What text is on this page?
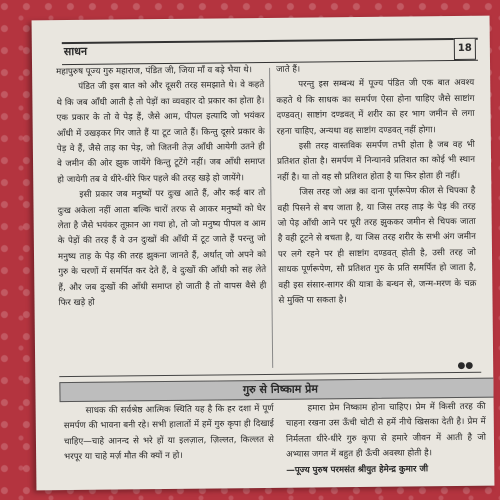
साधन	18

महापुरुष पूज्य गुरु महाराज, पंडित जी, जिया माँ व बड़े भैया थे।

पंडित जी इस बात को और दूसरी तरह समझाते थे। वे कहते थे कि जब आँधी आती है तो पेड़ों का व्यवहार दो प्रकार का होता है। एक प्रकार के तो वे पेड़ हैं, जैसे आम, पीपल इत्यादि जो भयंकर आँधी में उखड़कर गिर जाते हैं या टूट जाते हैं। किन्तु दूसरे प्रकार के पेड़ वे हैं, जैसे ताड़ का पेड़, जो जितनी तेज़ आँधी आयेगी उतने ही वे जमीन की ओर झुक जायेंगे किन्तु टूटेंगे नहीं। जब आँधी समाप्त हो जायेगी तब वे धीरे-धीरे फिर पहले की तरह खड़े हो जायेंगे।

इसी प्रकार जब मनुष्यों पर दुःख आते हैं, और कई बार तो दुःख अकेला नहीं आता बल्कि चारों तरफ से आकर मनुष्यों को घेर लेता है जैसे भयंकर तूफ़ान आ गया हो, तो जो मनुष्य पीपल व आम के पेड़ों की तरह हैं वे उन दुःखों की आँधी में टूट जाते हैं परन्तु जो मनुष्य ताड़ के पेड़ की तरह झुकना जानते हैं, अर्थात् जो अपने को गुरु के चरणों में समर्पित कर देते हैं, वे दुःखों की आँधी को सह लेते हैं, और जब दुःखों की आँधी समाप्त हो जाती है तो वापस वैसे ही फिर खड़े हो

जाते हैं।

परन्तु इस सम्बन्ध में पूज्य पंडित जी एक बात अवश्य कहते थे कि साधक का समर्पण ऐसा होना चाहिए जैसे साष्टांग दण्डवत्। साष्टांग दण्डवत् में शरीर का हर भाग जमीन से लगा रहना चाहिए, अन्यथा वह साष्टांग दण्डवत् नहीं होगा।

इसी तरह वास्तविक समर्पण तभी होता है जब वह भी प्रतिशत होता है। समर्पण में निन्यानवे प्रतिशत का कोई भी स्थान नहीं है। या तो वह सौ प्रतिशत होता है या फिर होता ही नहीं।

जिस तरह जो अन्न का दाना पूर्णरूपेण कील से चिपका है वही पिसने से बच जाता है, या जिस तरह ताड़ के पेड़ की तरह जो पेड़ आँधी आने पर पूरी तरह झुककर जमीन से चिपक जाता है वही टूटने से बचता है, या जिस तरह शरीर के सभी अंग जमीन पर लगे रहने पर ही साष्टांग दण्डवत् होती है, उसी तरह जो साधक पूर्णरूपेण, सौ प्रतिशत गुरु के प्रति समर्पित हो जाता है, वही इस संसार-सागर की यात्रा के बन्धन से, जन्म-मरण के चक्र से मुक्ति पा सकता है।

●●
गुरु से निष्काम प्रेम

साधक की सर्वश्रेष्ठ आत्मिक स्थिति यह है कि हर दशा में पूर्ण समर्पण की भावना बनी रहे। सभी हालातों में हमें गुरु कृपा ही दिखाई चाहिए—चाहे आनन्द से भरे हों या इलज़ाल, ज़िल्लत, किल्लत से भरपूर या चाहे मर्ज़ मौत की क्यों न हो।

हमारा प्रेम निष्काम होना चाहिए। प्रेम में किसी तरह की चाहना रखना उस ऊँची चोटी से हमें नीचे खिसका देती है। प्रेम में निर्मलता धीरे-धीरे गुरु कृपा से हमारे जीवन में आती है जो अभ्यास जगत में बहुत ही ऊँची अवस्था होती है।

—पूज्य पुरुष परमसंत श्रीयुत हेमेन्द्र कुमार जी
